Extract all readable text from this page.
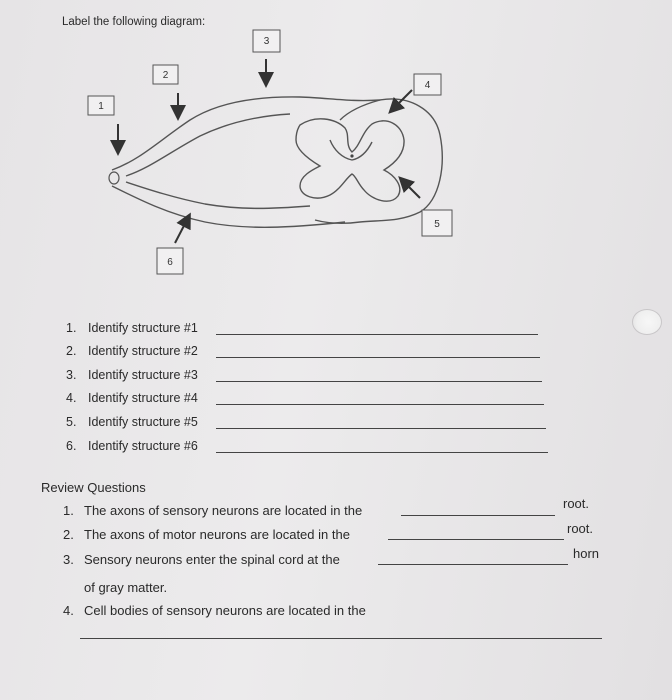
Label the following diagram:
1
2
3
4
5
6
1. Identify structure #1
2. Identify structure #2
3. Identify structure #3
4. Identify structure #4
5. Identify structure #5
6. Identify structure #6
Review Questions
1. The axons of sensory neurons are located in the	root.
2. The axons of motor neurons are located in the	root.
3. Sensory neurons enter the spinal cord at the	horn
of gray matter.
4. Cell bodies of sensory neurons are located in the
